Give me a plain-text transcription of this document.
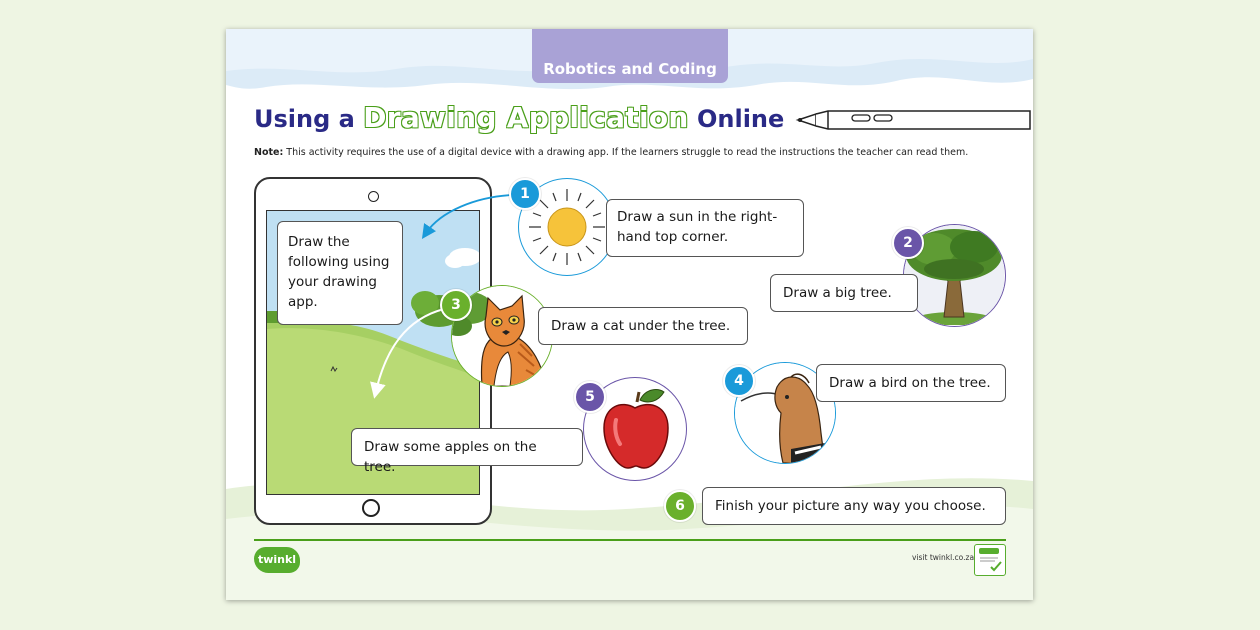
Robotics and Coding
Using a Drawing Application Online
Note: This activity requires the use of a digital device with a drawing app. If the learners struggle to read the instructions the teacher can read them.
Draw the following using your drawing app.
1
Draw a sun in the right-hand top corner.	2
Draw a big tree.
3
Draw a cat under the tree.
4	Draw a bird on the tree.
5
Draw some apples on the tree.
6	Finish your picture any way you choose.
twinkl	visit twinkl.co.za
